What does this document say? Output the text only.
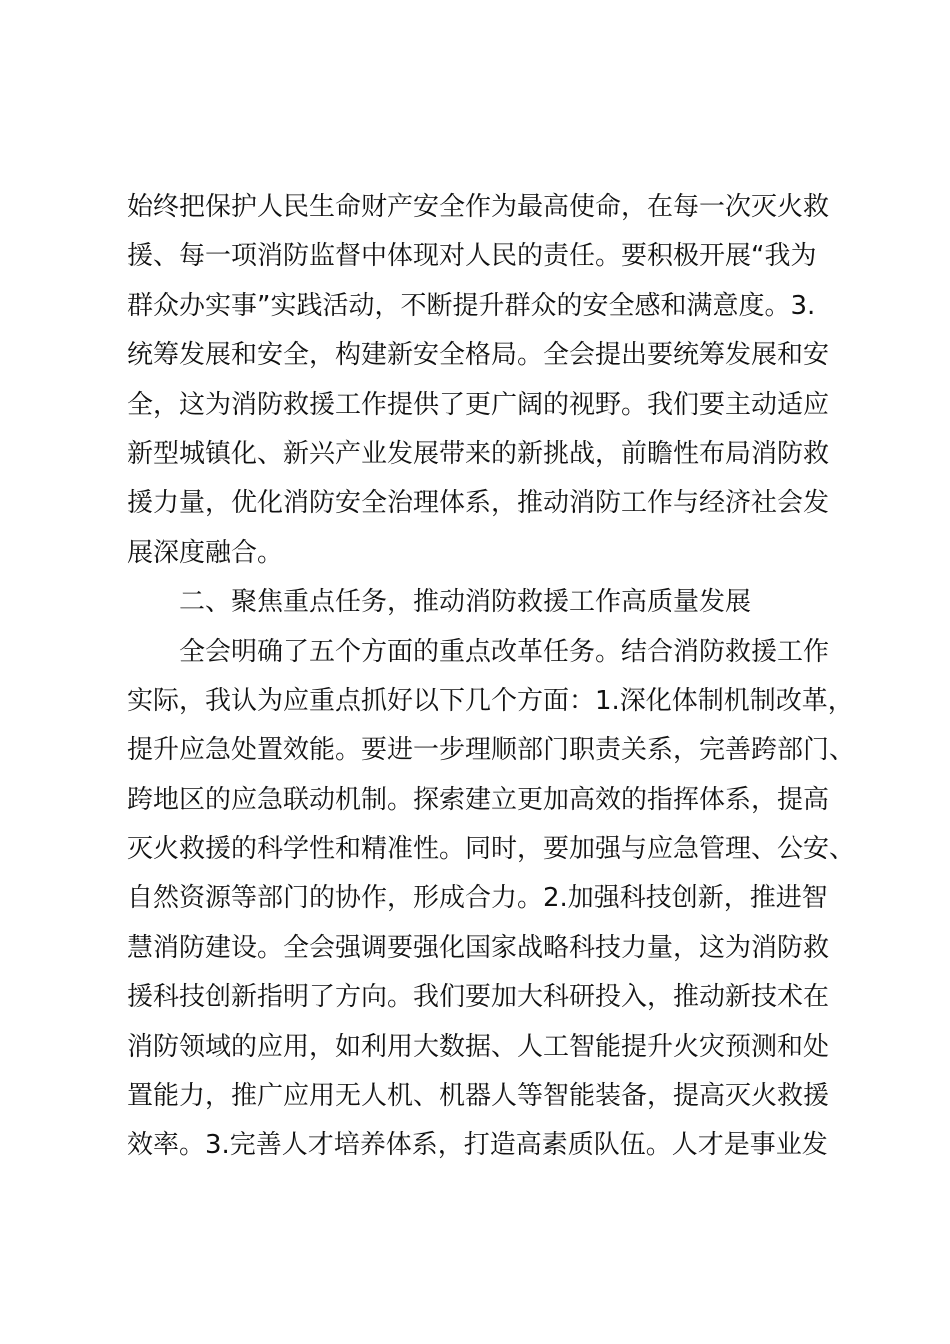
始终把保护人民生命财产安全作为最高使命，在每一次灭火救
援、每一项消防监督中体现对人民的责任。要积极开展“我为
群众办实事”实践活动，不断提升群众的安全感和满意度。3.
统筹发展和安全，构建新安全格局。全会提出要统筹发展和安
全，这为消防救援工作提供了更广阔的视野。我们要主动适应
新型城镇化、新兴产业发展带来的新挑战，前瞻性布局消防救
援力量，优化消防安全治理体系，推动消防工作与经济社会发
展深度融合。
二、聚焦重点任务，推动消防救援工作高质量发展
全会明确了五个方面的重点改革任务。结合消防救援工作
实际，我认为应重点抓好以下几个方面：1.深化体制机制改革，
提升应急处置效能。要进一步理顺部门职责关系，完善跨部门、
跨地区的应急联动机制。探索建立更加高效的指挥体系，提高
灭火救援的科学性和精准性。同时，要加强与应急管理、公安、
自然资源等部门的协作，形成合力。2.加强科技创新，推进智
慧消防建设。全会强调要强化国家战略科技力量，这为消防救
援科技创新指明了方向。我们要加大科研投入，推动新技术在
消防领域的应用，如利用大数据、人工智能提升火灾预测和处
置能力，推广应用无人机、机器人等智能装备，提高灭火救援
效率。3.完善人才培养体系，打造高素质队伍。人才是事业发
